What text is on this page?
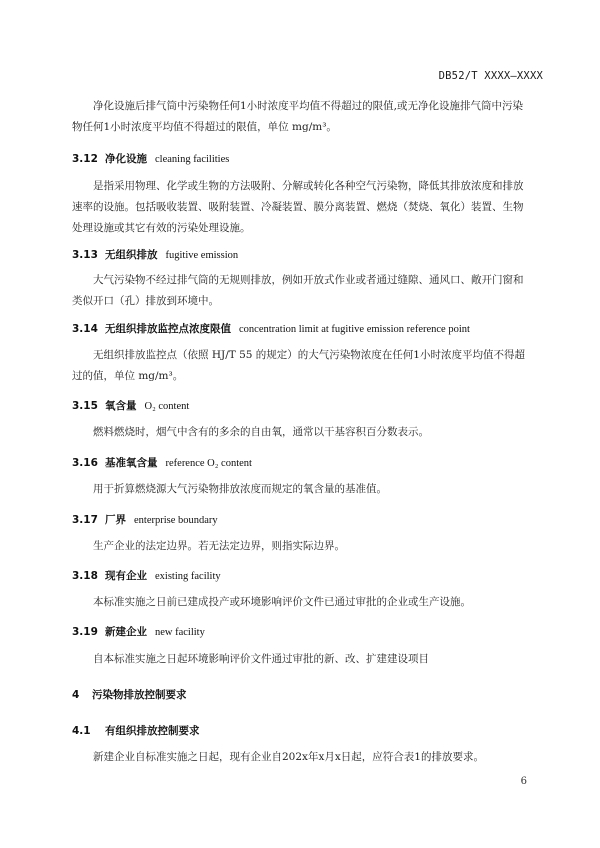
DB52/T XXXX—XXXX

净化设施后排气筒中污染物任何1小时浓度平均值不得超过的限值,或无净化设施排气筒中污染物任何1小时浓度平均值不得超过的限值，单位 mg/m³。

3.12 净化设施 cleaning facilities

是指采用物理、化学或生物的方法吸附、分解或转化各种空气污染物，降低其排放浓度和排放速率的设施。包括吸收装置、吸附装置、冷凝装置、膜分离装置、燃烧（焚烧、氧化）装置、生物处理设施或其它有效的污染处理设施。

3.13 无组织排放 fugitive emission

大气污染物不经过排气筒的无规则排放，例如开放式作业或者通过缝隙、通风口、敞开门窗和类似开口（孔）排放到环境中。

3.14 无组织排放监控点浓度限值 concentration limit at fugitive emission reference point

无组织排放监控点（依照 HJ/T 55 的规定）的大气污染物浓度在任何1小时浓度平均值不得超过的值，单位 mg/m³。

3.15 氧含量 O₂ content

燃料燃烧时，烟气中含有的多余的自由氧，通常以干基容积百分数表示。

3.16 基准氧含量 reference O₂ content

用于折算燃烧源大气污染物排放浓度而规定的氧含量的基准值。

3.17 厂界 enterprise boundary

生产企业的法定边界。若无法定边界，则指实际边界。

3.18 现有企业 existing facility

本标准实施之日前已建成投产或环境影响评价文件已通过审批的企业或生产设施。

3.19 新建企业 new facility

自本标准实施之日起环境影响评价文件通过审批的新、改、扩建建设项目

4 污染物排放控制要求
4.1 有组织排放控制要求

新建企业自标准实施之日起，现有企业自202x年x月x日起，应符合表1的排放要求。

6
